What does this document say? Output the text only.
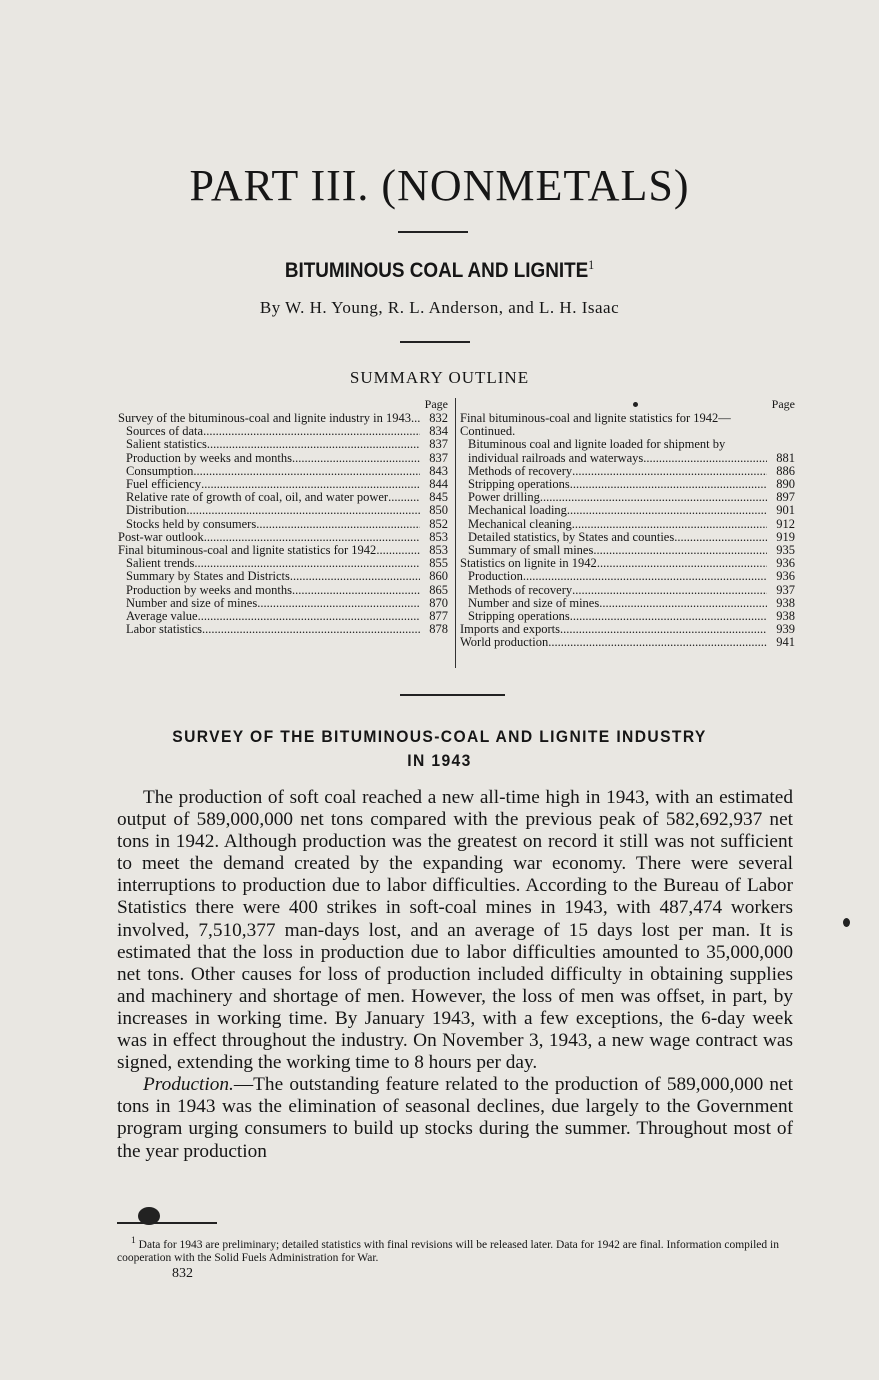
PART III. (NONMETALS)
BITUMINOUS COAL AND LIGNITE$^1$
By W. H. Young, R. L. Anderson, and L. H. Isaac
SUMMARY OUTLINE
Page
Survey of the bituminous-coal and lignite industry in 1943 .....	832
Sources of data .....	834
Salient statistics .....	837
Production by weeks and months .....	837
Consumption .....	843
Fuel efficiency .....	844
Relative rate of growth of coal, oil, and water power .....	845
Distribution .....	850
Stocks held by consumers .....	852
Post-war outlook .....	853
Final bituminous-coal and lignite statistics for 1942 .....	853
Salient trends .....	855
Summary by States and Districts .....	860
Production by weeks and months .....	865
Number and size of mines .....	870
Average value .....	877
Labor statistics .....	878
Page
Final bituminous-coal and lignite statistics for 1942—Continued.
Bituminous coal and lignite loaded for shipment by individual railroads and waterways .....	881
Methods of recovery .....	886
Stripping operations .....	890
Power drilling .....	897
Mechanical loading .....	901
Mechanical cleaning .....	912
Detailed statistics, by States and counties .....	919
Summary of small mines .....	935
Statistics on lignite in 1942 .....	936
Production .....	936
Methods of recovery .....	937
Number and size of mines .....	938
Stripping operations .....	938
Imports and exports .....	939
World production .....	941
SURVEY OF THE BITUMINOUS-COAL AND LIGNITE INDUSTRY
IN 1943

The production of soft coal reached a new all-time high in 1943, with an estimated output of 589,000,000 net tons compared with the previous peak of 582,692,937 net tons in 1942. Although production was the greatest on record it still was not sufficient to meet the demand created by the expanding war economy. There were several interruptions to production due to labor difficulties. According to the Bureau of Labor Statistics there were 400 strikes in soft-coal mines in 1943, with 487,474 workers involved, 7,510,377 man-days lost, and an average of 15 days lost per man. It is estimated that the loss in production due to labor difficulties amounted to 35,000,000 net tons. Other causes for loss of production included difficulty in obtaining supplies and machinery and shortage of men. However, the loss of men was offset, in part, by increases in working time. By January 1943, with a few exceptions, the 6-day week was in effect throughout the industry. On November 3, 1943, a new wage contract was signed, extending the working time to 8 hours per day.

Production.—The outstanding feature related to the production of 589,000,000 net tons in 1943 was the elimination of seasonal declines, due largely to the Government program urging consumers to build up stocks during the summer. Throughout most of the year production

$^1$ Data for 1943 are preliminary; detailed statistics with final revisions will be released later. Data for 1942 are final. Information compiled in cooperation with the Solid Fuels Administration for War.
832
